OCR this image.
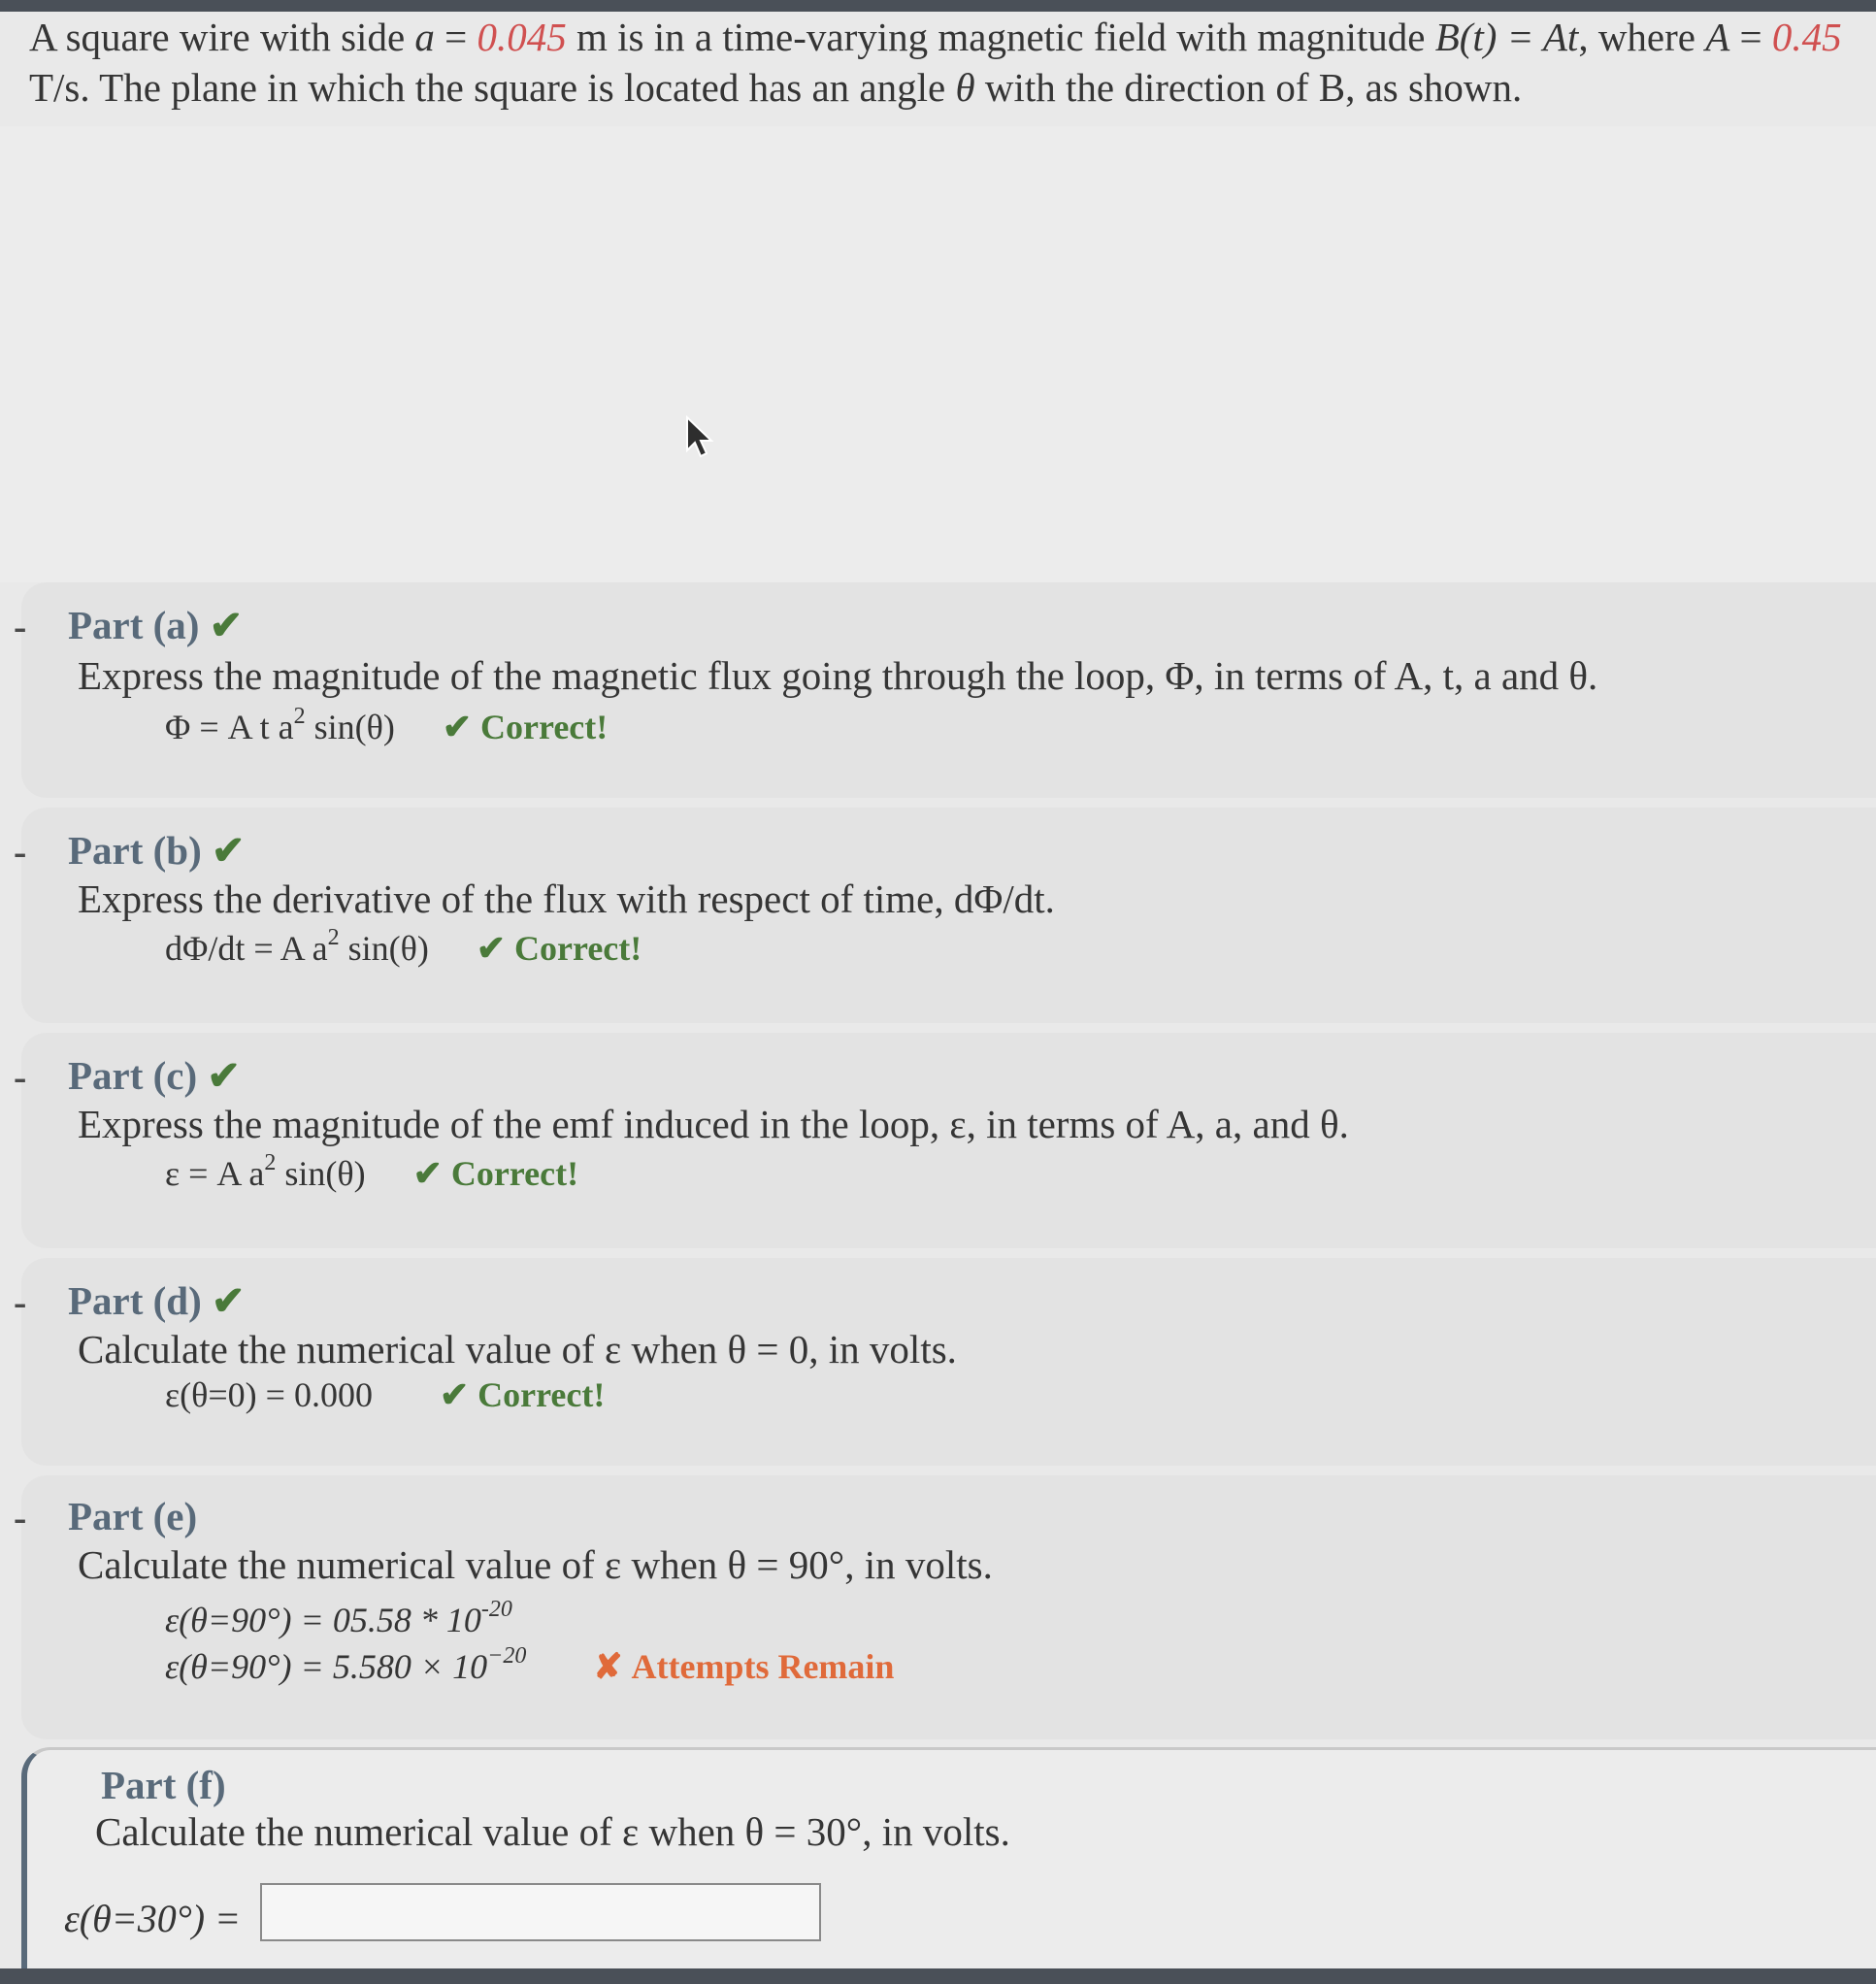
A square wire with side a = 0.045 m is in a time-varying magnetic field with magnitude B(t) = At, where A = 0.45 T/s. The plane in which the square is located has an angle θ with the direction of B, as shown.
- Part (a) ✔
Express the magnitude of the magnetic flux going through the loop, Φ, in terms of A, t, a and θ.
Φ = A t $a^2$ sin(θ) ✔ Correct!
- Part (b) ✔
Express the derivative of the flux with respect of time, dΦ/dt.
dΦ/dt = A $a^2$ sin(θ) ✔ Correct!
- Part (c) ✔
Express the magnitude of the emf induced in the loop, ε, in terms of A, a, and θ.
ε = A $a^2$ sin(θ) ✔ Correct!
- Part (d) ✔
Calculate the numerical value of ε when θ = 0, in volts.
ε(θ=0) = 0.000 ✔ Correct!
- Part (e)
Calculate the numerical value of ε when θ = 90°, in volts.
$\varepsilon(\theta=90^\circ) = 05.58 * 10^{-20}$
$\varepsilon(\theta=90^\circ) = 5.580 \times 10^{-20}$ ✘ Attempts Remain
Part (f)
Calculate the numerical value of ε when θ = 30°, in volts.
ε(θ=30°) =
